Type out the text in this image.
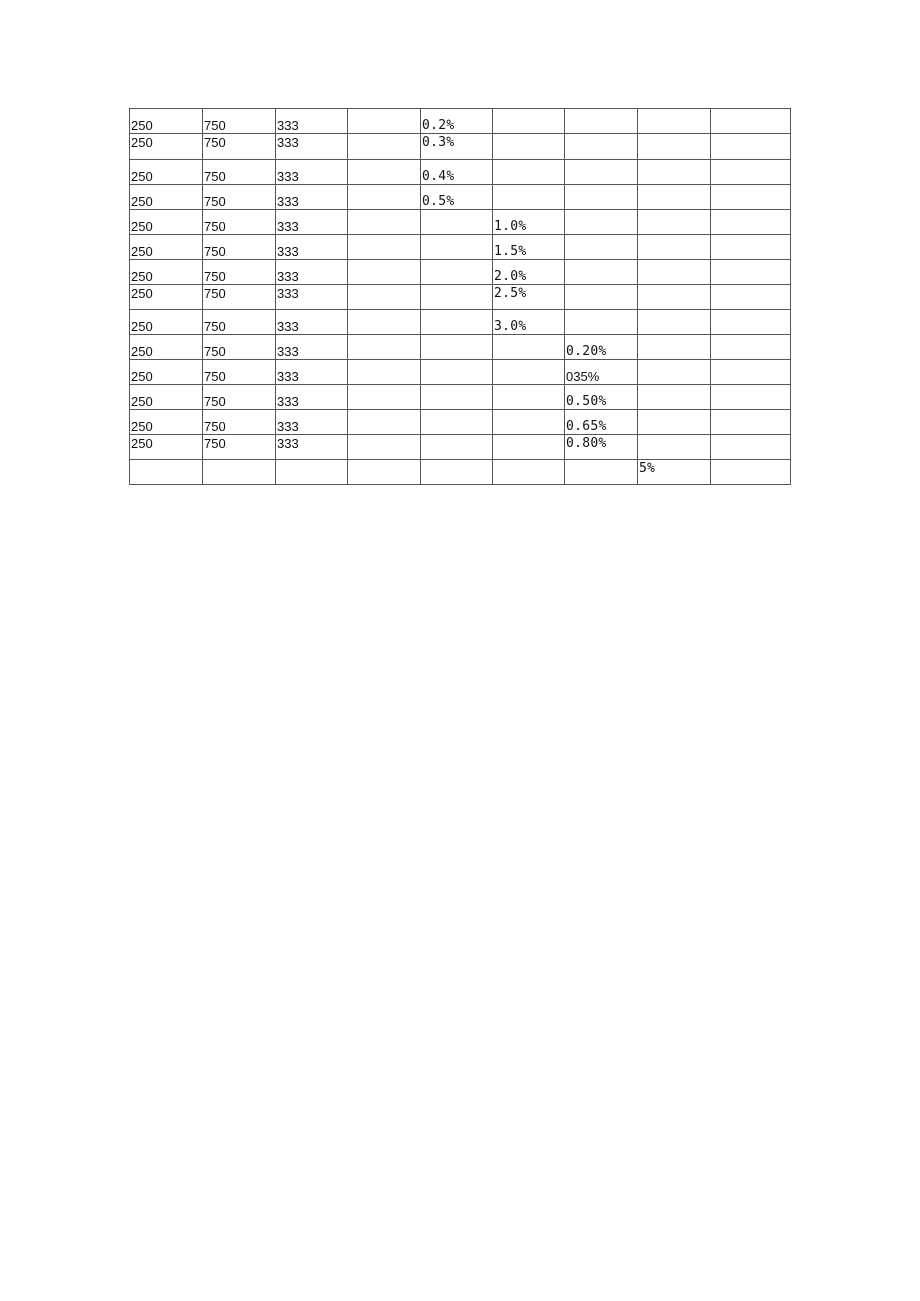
250	750	333		0.2%				
250	750	333		0.3%				
250	750	333		0.4%				
250	750	333		0.5%				
250	750	333			1.0%			
250	750	333			1.5%			
250	750	333			2.0%			
250	750	333			2.5%			
250	750	333			3.0%			
250	750	333				0.20%		
250	750	333				035%		
250	750	333				0.50%		
250	750	333				0.65%		
250	750	333				0.80%		
							5%	
